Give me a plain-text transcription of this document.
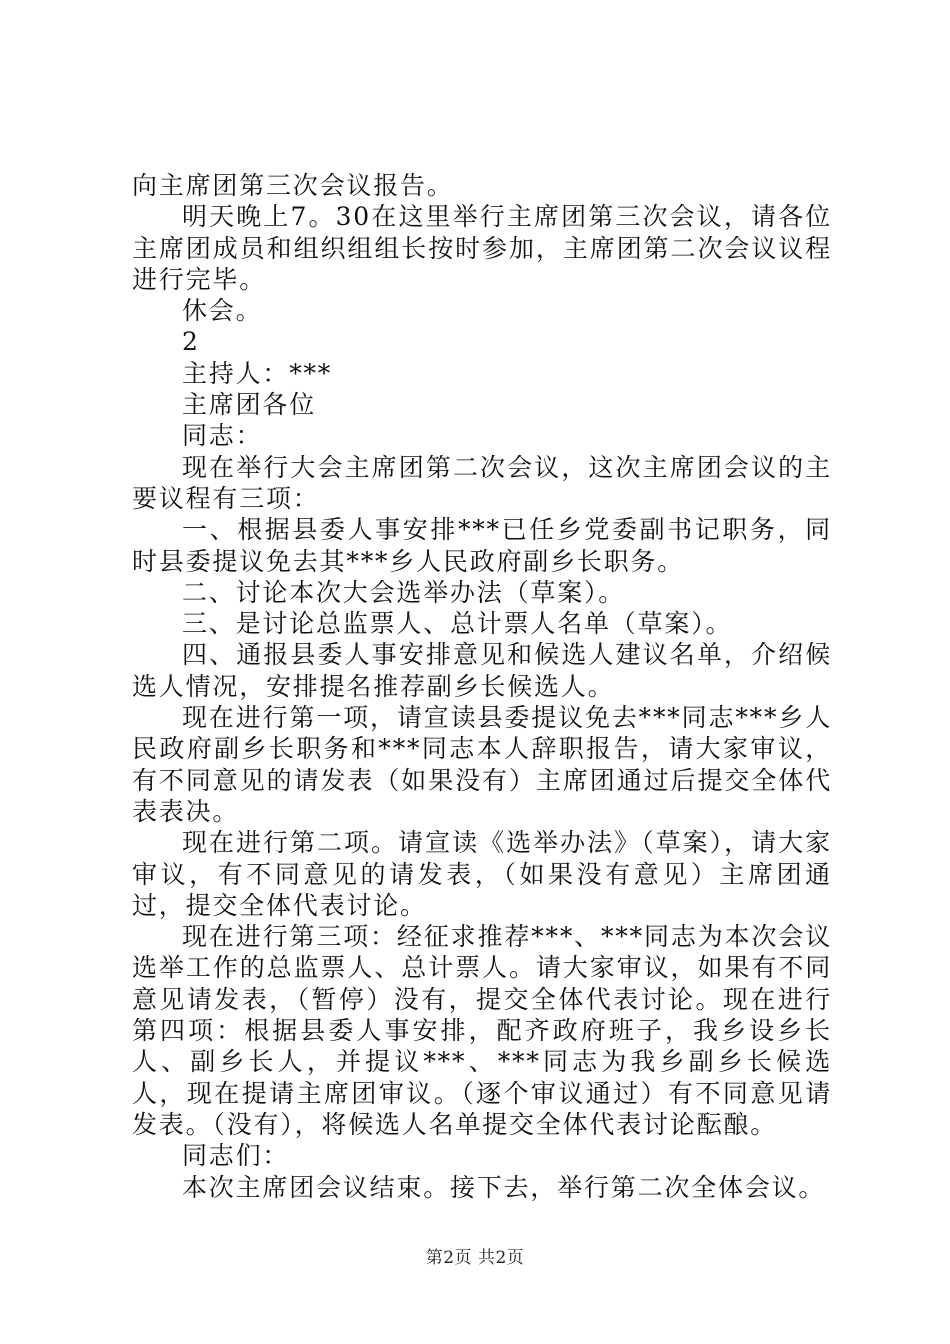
向主席团第三次会议报告。

明天晚上7。30在这里举行主席团第三次会议，请各位主席团成员和组织组组长按时参加，主席团第二次会议议程进行完毕。

休会。

2

主持人：***

主席团各位

同志：

现在举行大会主席团第二次会议，这次主席团会议的主要议程有三项：

一、根据县委人事安排***已任乡党委副书记职务，同时县委提议免去其***乡人民政府副乡长职务。

二、讨论本次大会选举办法（草案）。

三、是讨论总监票人、总计票人名单（草案）。

四、通报县委人事安排意见和候选人建议名单，介绍候选人情况，安排提名推荐副乡长候选人。

现在进行第一项，请宣读县委提议免去***同志***乡人民政府副乡长职务和***同志本人辞职报告，请大家审议，有不同意见的请发表（如果没有）主席团通过后提交全体代表表决。

现在进行第二项。请宣读《选举办法》（草案），请大家审议，有不同意见的请发表，（如果没有意见）主席团通过，提交全体代表讨论。

现在进行第三项：经征求推荐***、***同志为本次会议选举工作的总监票人、总计票人。请大家审议，如果有不同意见请发表，（暂停）没有，提交全体代表讨论。现在进行第四项：根据县委人事安排，配齐政府班子，我乡设乡长人、副乡长人，并提议***、***同志为我乡副乡长候选人，现在提请主席团审议。（逐个审议通过）有不同意见请发表。（没有），将候选人名单提交全体代表讨论酝酿。

同志们：

本次主席团会议结束。接下去，举行第二次全体会议。

第2页 共2页
